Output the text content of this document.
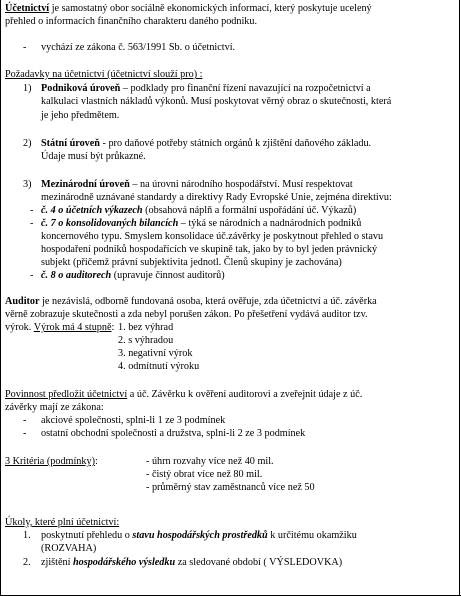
Účetnictví je samostatný obor sociálně ekonomických informací, který poskytuje ucelený
přehled o informacích finančního charakteru daného podniku.
- vychází ze zákona č. 563/1991 Sb. o účetnictví.
Požadavky na účetnictví (účetnictví slouží pro) :
1) Podniková úroveň – podklady pro finanční řízení navazující na rozpočetnictví a
kalkulaci vlastních nákladů výkonů. Musí poskytovat věrný obraz o skutečnosti, která
je jeho předmětem.
2) Státní úroveň - pro daňové potřeby státních orgánů k zjištění daňového základu.
Údaje musí být průkazné.
3) Mezinárodní úroveň – na úrovni národního hospodářství. Musí respektovat
mezinárodně uznávané standardy a direktivy Rady Evropské Unie, zejména direktivu:
- č. 4 o účetních výkazech (obsahová náplň a formální uspořádání úč. Výkazů)
- č. 7 o konsolidovaných bilancích – týká se národních a nadnárodních podniků
koncernového typu. Smyslem konsolidace úč.závěrky je poskytnout přehled o stavu
hospodaření podniků hospodařících ve skupině tak, jako by to byl jeden právnický
subjekt (přičemž právní subjektivita jednotl. Členů skupiny je zachována)
- č. 8 o auditorech (upravuje činnost auditorů)
Auditor je nezávislá, odborně fundovaná osoba, která ověřuje, zda účetnictví a úč. závěrka
věrně zobrazuje skutečnosti a zda nebyl porušen zákon. Po přešetření vydává auditor tzv.
výrok. Výrok má 4 stupně: 1. bez výhrad
2. s výhradou
3. negativní výrok
4. odmítnutí výroku
Povinnost předložit účetnictví a úč. Závěrku k ověření auditorovi a zveřejnit údaje z úč.
závěrky mají ze zákona:
- akciové společnosti, splni-li 1 ze 3 podmínek
- ostatní obchodní společnosti a družstva, splni-li 2 ze 3 podmínek
3 Kritéria (podmínky):	- úhrn rozvahy více než 40 mil.
- čistý obrat více než 80 mil.
- průměrný stav zaměstnanců více než 50
Úkoly, které plní účetnictví:
1. poskytnutí přehledu o stavu hospodářských prostředků k určitému okamžiku
(ROZVAHA)
2. zjištění hospodářského výsledku za sledované období ( VÝSLEDOVKA)
